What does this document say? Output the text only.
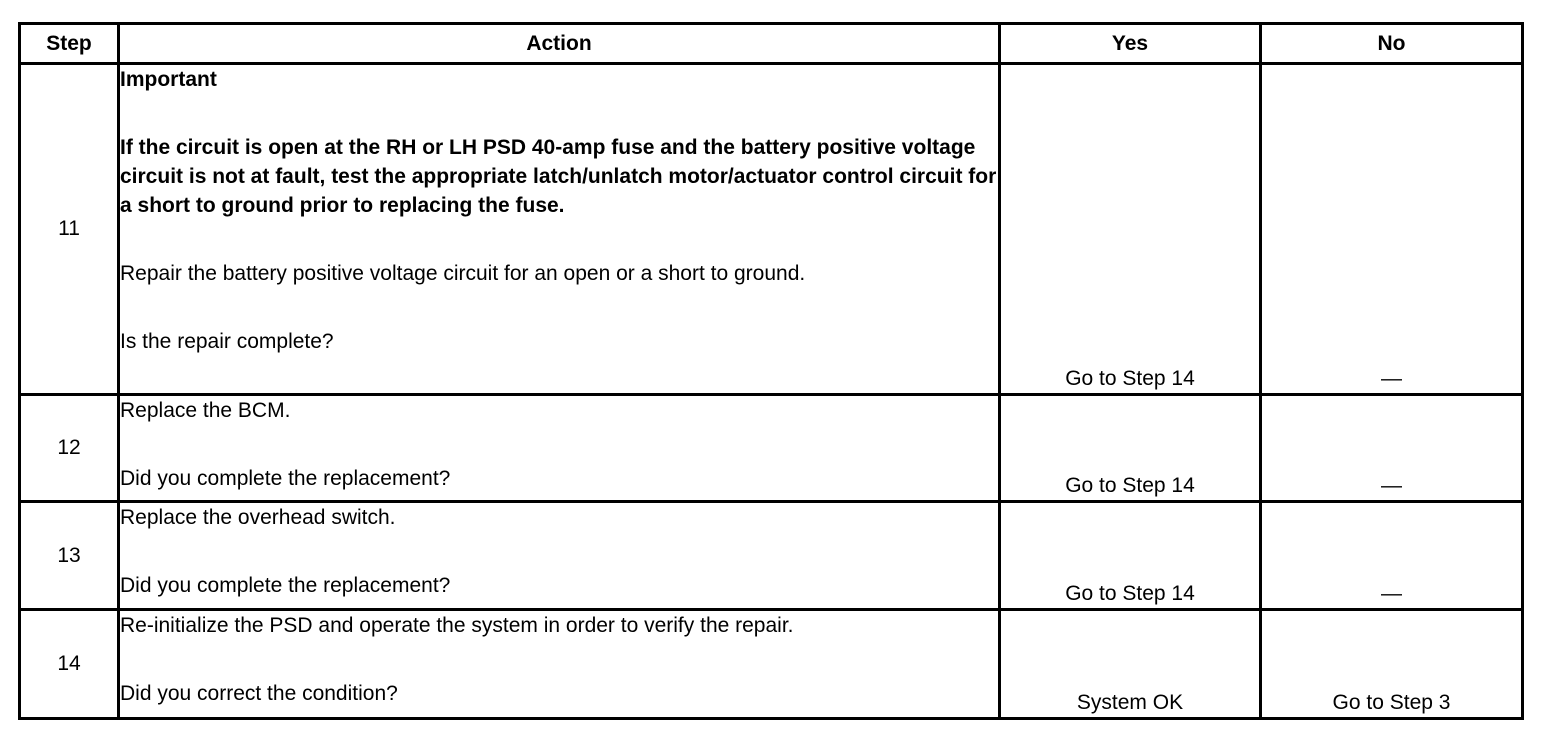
Step	Action	Yes	No
11	Important

If the circuit is open at the RH or LH PSD 40-amp fuse and the battery positive voltage circuit is not at fault, test the appropriate latch/unlatch motor/actuator control circuit for a short to ground prior to replacing the fuse.

Repair the battery positive voltage circuit for an open or a short to ground.

Is the repair complete?	Go to Step 14	—
12	Replace the BCM.

Did you complete the replacement?	Go to Step 14	—
13	Replace the overhead switch.

Did you complete the replacement?	Go to Step 14	—
14	Re-initialize the PSD and operate the system in order to verify the repair.

Did you correct the condition?	System OK	Go to Step 3
